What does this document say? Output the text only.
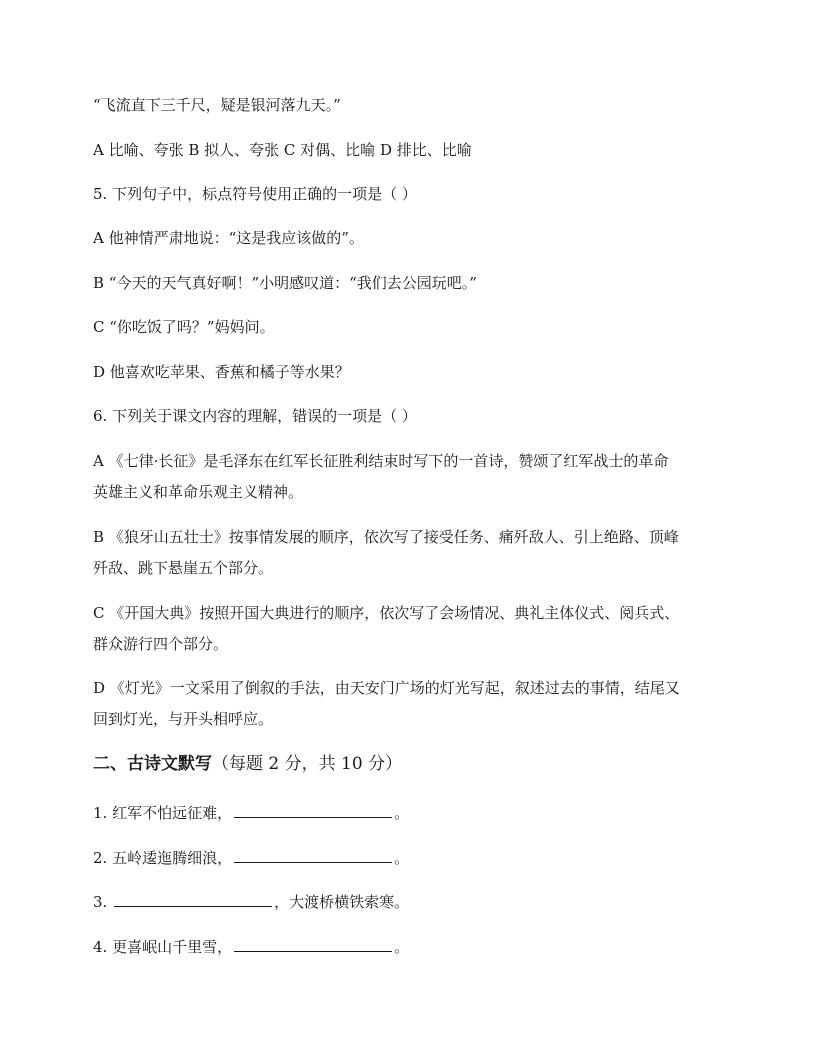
“飞流直下三千尺，疑是银河落九天。”
A 比喻、夸张 B 拟人、夸张 C 对偶、比喻 D 排比、比喻
5. 下列句子中，标点符号使用正确的一项是（ ）
A 他神情严肃地说：“这是我应该做的”。
B “今天的天气真好啊！”小明感叹道：“我们去公园玩吧。”
C “你吃饭了吗？”妈妈问。
D 他喜欢吃苹果、香蕉和橘子等水果？
6. 下列关于课文内容的理解，错误的一项是（ ）
A 《七律·长征》是毛泽东在红军长征胜利结束时写下的一首诗，赞颂了红军战士的革命
英雄主义和革命乐观主义精神。
B 《狼牙山五壮士》按事情发展的顺序，依次写了接受任务、痛歼敌人、引上绝路、顶峰
歼敌、跳下悬崖五个部分。
C 《开国大典》按照开国大典进行的顺序，依次写了会场情况、典礼主体仪式、阅兵式、
群众游行四个部分。
D 《灯光》一文采用了倒叙的手法，由天安门广场的灯光写起，叙述过去的事情，结尾又
回到灯光，与开头相呼应。
二、古诗文默写（每题 2 分，共 10 分）
1. 红军不怕远征难，	。
2. 五岭逶迤腾细浪，	。
3.	，大渡桥横铁索寒。
4. 更喜岷山千里雪，	。
